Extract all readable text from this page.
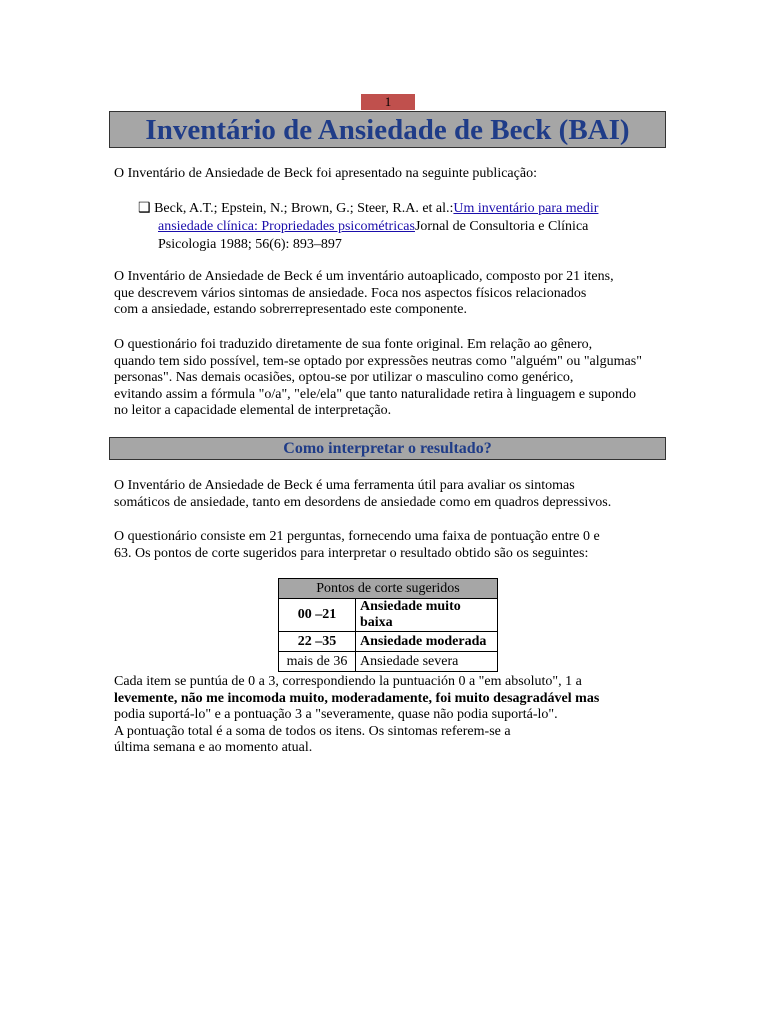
1
Inventário de Ansiedade de Beck (BAI)
O Inventário de Ansiedade de Beck foi apresentado na seguinte publicação:
❑ Beck, A.T.; Epstein, N.; Brown, G.; Steer, R.A. et al.:Um inventário para medir
ansiedade clínica: Propriedades psicométricasJornal de Consultoria e Clínica
Psicologia 1988; 56(6): 893–897
O Inventário de Ansiedade de Beck é um inventário autoaplicado, composto por 21 itens,
que descrevem vários sintomas de ansiedade. Foca nos aspectos físicos relacionados
com a ansiedade, estando sobrerrepresentado este componente.
O questionário foi traduzido diretamente de sua fonte original. Em relação ao gênero,
quando tem sido possível, tem-se optado por expressões neutras como "alguém" ou "algumas"
personas". Nas demais ocasiões, optou-se por utilizar o masculino como genérico,
evitando assim a fórmula "o/a", "ele/ela" que tanto naturalidade retira à linguagem e supondo
no leitor a capacidade elemental de interpretação.
Como interpretar o resultado?
O Inventário de Ansiedade de Beck é uma ferramenta útil para avaliar os sintomas
somáticos de ansiedade, tanto em desordens de ansiedade como em quadros depressivos.
O questionário consiste em 21 perguntas, fornecendo uma faixa de pontuação entre 0 e
63. Os pontos de corte sugeridos para interpretar o resultado obtido são os seguintes:
Pontos de corte sugeridos	
00 –21	Ansiedade muito baixa
22 –35	Ansiedade moderada
mais de 36	Ansiedade severa
Cada item se puntúa de 0 a 3, correspondiendo la puntuación 0 a "em absoluto", 1 a
levemente, não me incomoda muito, moderadamente, foi muito desagradável mas
podia suportá-lo" e a pontuação 3 a "severamente, quase não podia suportá-lo".
A pontuação total é a soma de todos os itens. Os sintomas referem-se a
última semana e ao momento atual.
